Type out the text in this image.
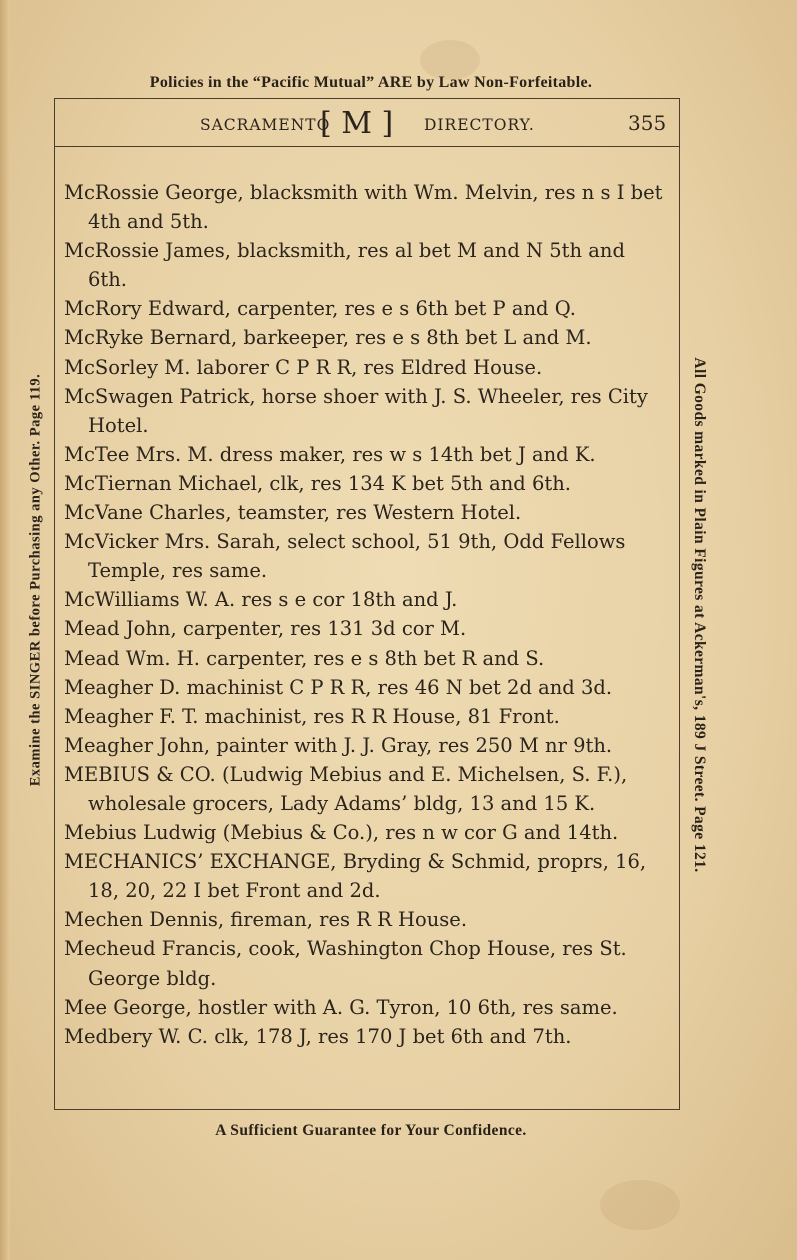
Policies in the “Pacific Mutual” ARE by Law Non-Forfeitable.
SACRAMENTO
[ M ] DIRECTORY.	355
Examine the SINGER before Purchasing any Other. Page 119.	All Goods marked in Plain Figures at Ackerman's, 189 J Street. Page 121.

McRossie George, blacksmith with Wm. Melvin, res n s I bet 4th and 5th.

McRossie James, blacksmith, res al bet M and N 5th and 6th.

McRory Edward, carpenter, res e s 6th bet P and Q.

McRyke Bernard, barkeeper, res e s 8th bet L and M.

McSorley M. laborer C P R R, res Eldred House.

McSwagen Patrick, horse shoer with J. S. Wheeler, res City Hotel.

McTee Mrs. M. dress maker, res w s 14th bet J and K.

McTiernan Michael, clk, res 134 K bet 5th and 6th.

McVane Charles, teamster, res Western Hotel.

McVicker Mrs. Sarah, select school, 51 9th, Odd Fellows Temple, res same.

McWilliams W. A. res s e cor 18th and J.

Mead John, carpenter, res 131 3d cor M.

Mead Wm. H. carpenter, res e s 8th bet R and S.

Meagher D. machinist C P R R, res 46 N bet 2d and 3d.

Meagher F. T. machinist, res R R House, 81 Front.

Meagher John, painter with J. J. Gray, res 250 M nr 9th.

MEBIUS & CO. (Ludwig Mebius and E. Michelsen, S. F.), wholesale grocers, Lady Adams’ bldg, 13 and 15 K.

Mebius Ludwig (Mebius & Co.), res n w cor G and 14th.

MECHANICS’ EXCHANGE, Bryding & Schmid, proprs, 16, 18, 20, 22 I bet Front and 2d.

Mechen Dennis, fireman, res R R House.

Mecheud Francis, cook, Washington Chop House, res St. George bldg.

Mee George, hostler with A. G. Tyron, 10 6th, res same.

Medbery W. C. clk, 178 J, res 170 J bet 6th and 7th.

A Sufficient Guarantee for Your Confidence.
